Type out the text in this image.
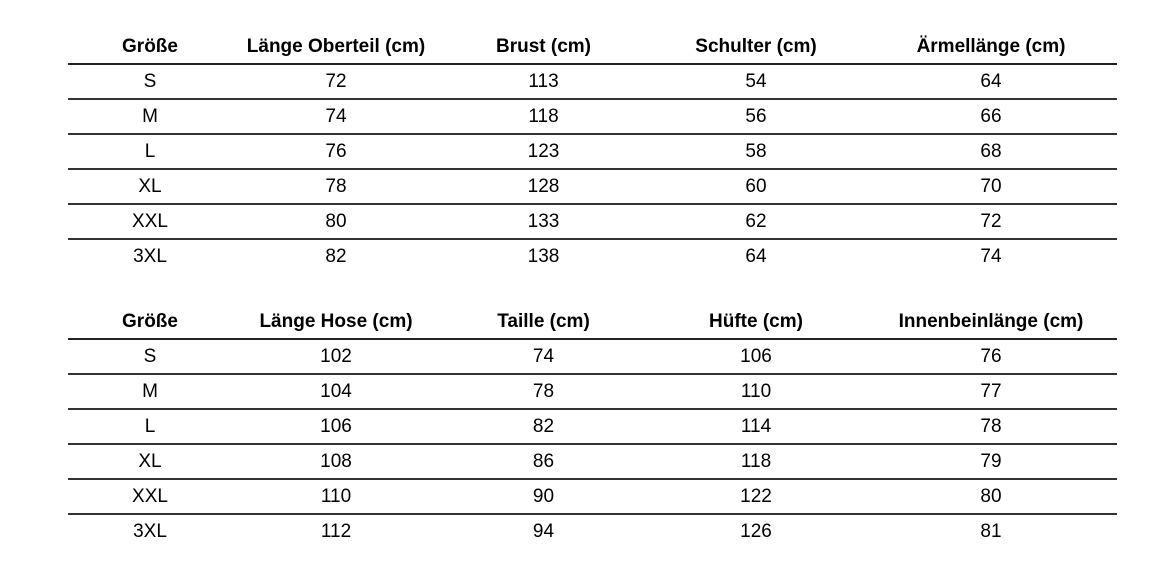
Größe	Länge Oberteil (cm)	Brust (cm)	Schulter (cm)	Ärmellänge (cm)
S	72	113	54	64
M	74	118	56	66
L	76	123	58	68
XL	78	128	60	70
XXL	80	133	62	72
3XL	82	138	64	74
Größe	Länge Hose (cm)	Taille (cm)	Hüfte (cm)	Innenbeinlänge (cm)
S	102	74	106	76
M	104	78	110	77
L	106	82	114	78
XL	108	86	118	79
XXL	110	90	122	80
3XL	112	94	126	81
